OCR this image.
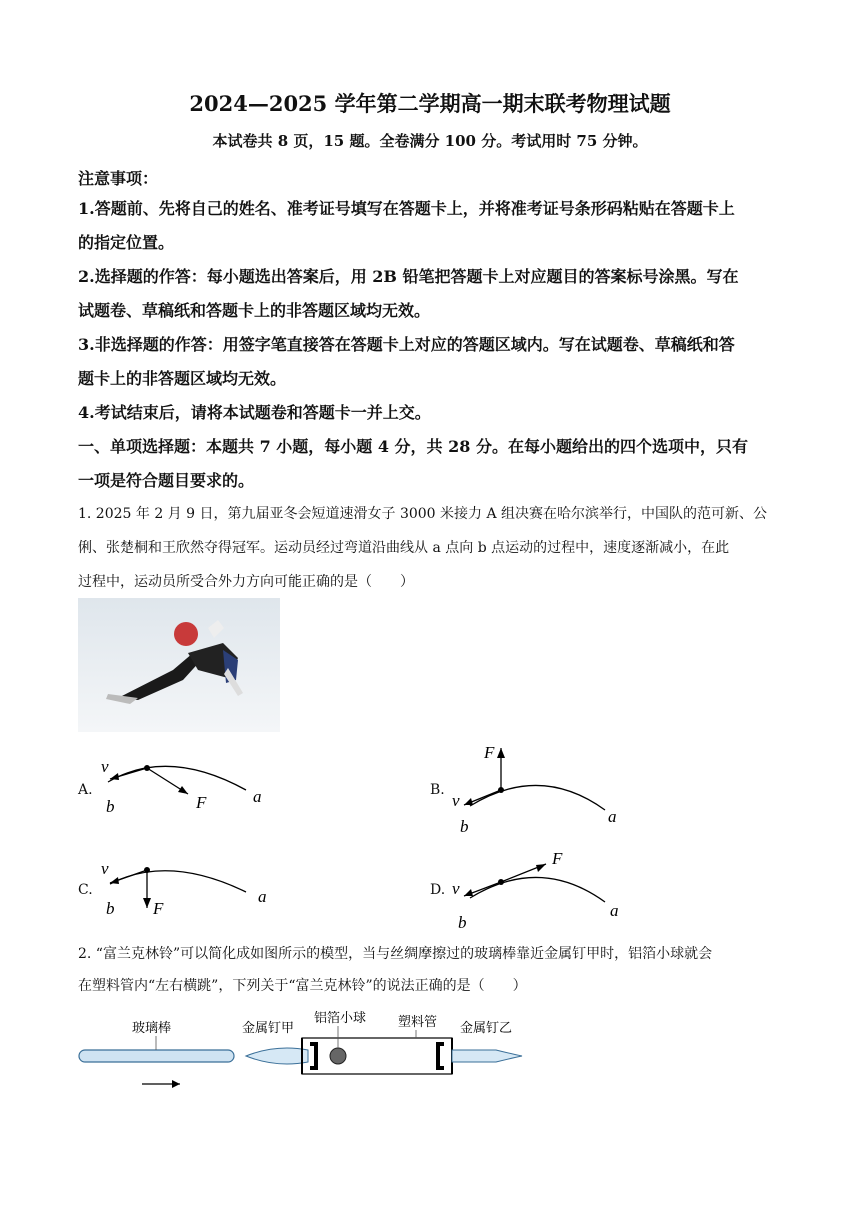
2024—2025 学年第二学期高一期末联考物理试题
本试卷共 8 页，15 题。全卷满分 100 分。考试用时 75 分钟。
注意事项：
1.答题前、先将自己的姓名、准考证号填写在答题卡上，并将准考证号条形码粘贴在答题卡上
的指定位置。
2.选择题的作答：每小题选出答案后，用 2B 铅笔把答题卡上对应题目的答案标号涂黑。写在
试题卷、草稿纸和答题卡上的非答题区域均无效。
3.非选择题的作答：用签字笔直接答在答题卡上对应的答题区域内。写在试题卷、草稿纸和答
题卡上的非答题区域均无效。
4.考试结束后，请将本试题卷和答题卡一并上交。
一、单项选择题：本题共 7 小题，每小题 4 分，共 28 分。在每小题给出的四个选项中，只有
一项是符合题目要求的。
1. 2025 年 2 月 9 日，第九届亚冬会短道速滑女子 3000 米接力 A 组决赛在哈尔滨举行，中国队的范可新、公
俐、张楚桐和王欣然夺得冠军。运动员经过弯道沿曲线从 a 点向 b 点运动的过程中，速度逐渐减小，在此
过程中，运动员所受合外力方向可能正确的是（　　）
A.
v
b
a
F
B.
F
v
b
a
C.
v
b F
a	D.
F
v
b
a
2. “富兰克林铃”可以简化成如图所示的模型，当与丝绸摩擦过的玻璃棒靠近金属钉甲时，铝箔小球就会
在塑料管内“左右横跳”，下列关于“富兰克林铃”的说法正确的是（　　）
玻璃棒	金属钉甲
铝箔小球 塑料管 金属钉乙
